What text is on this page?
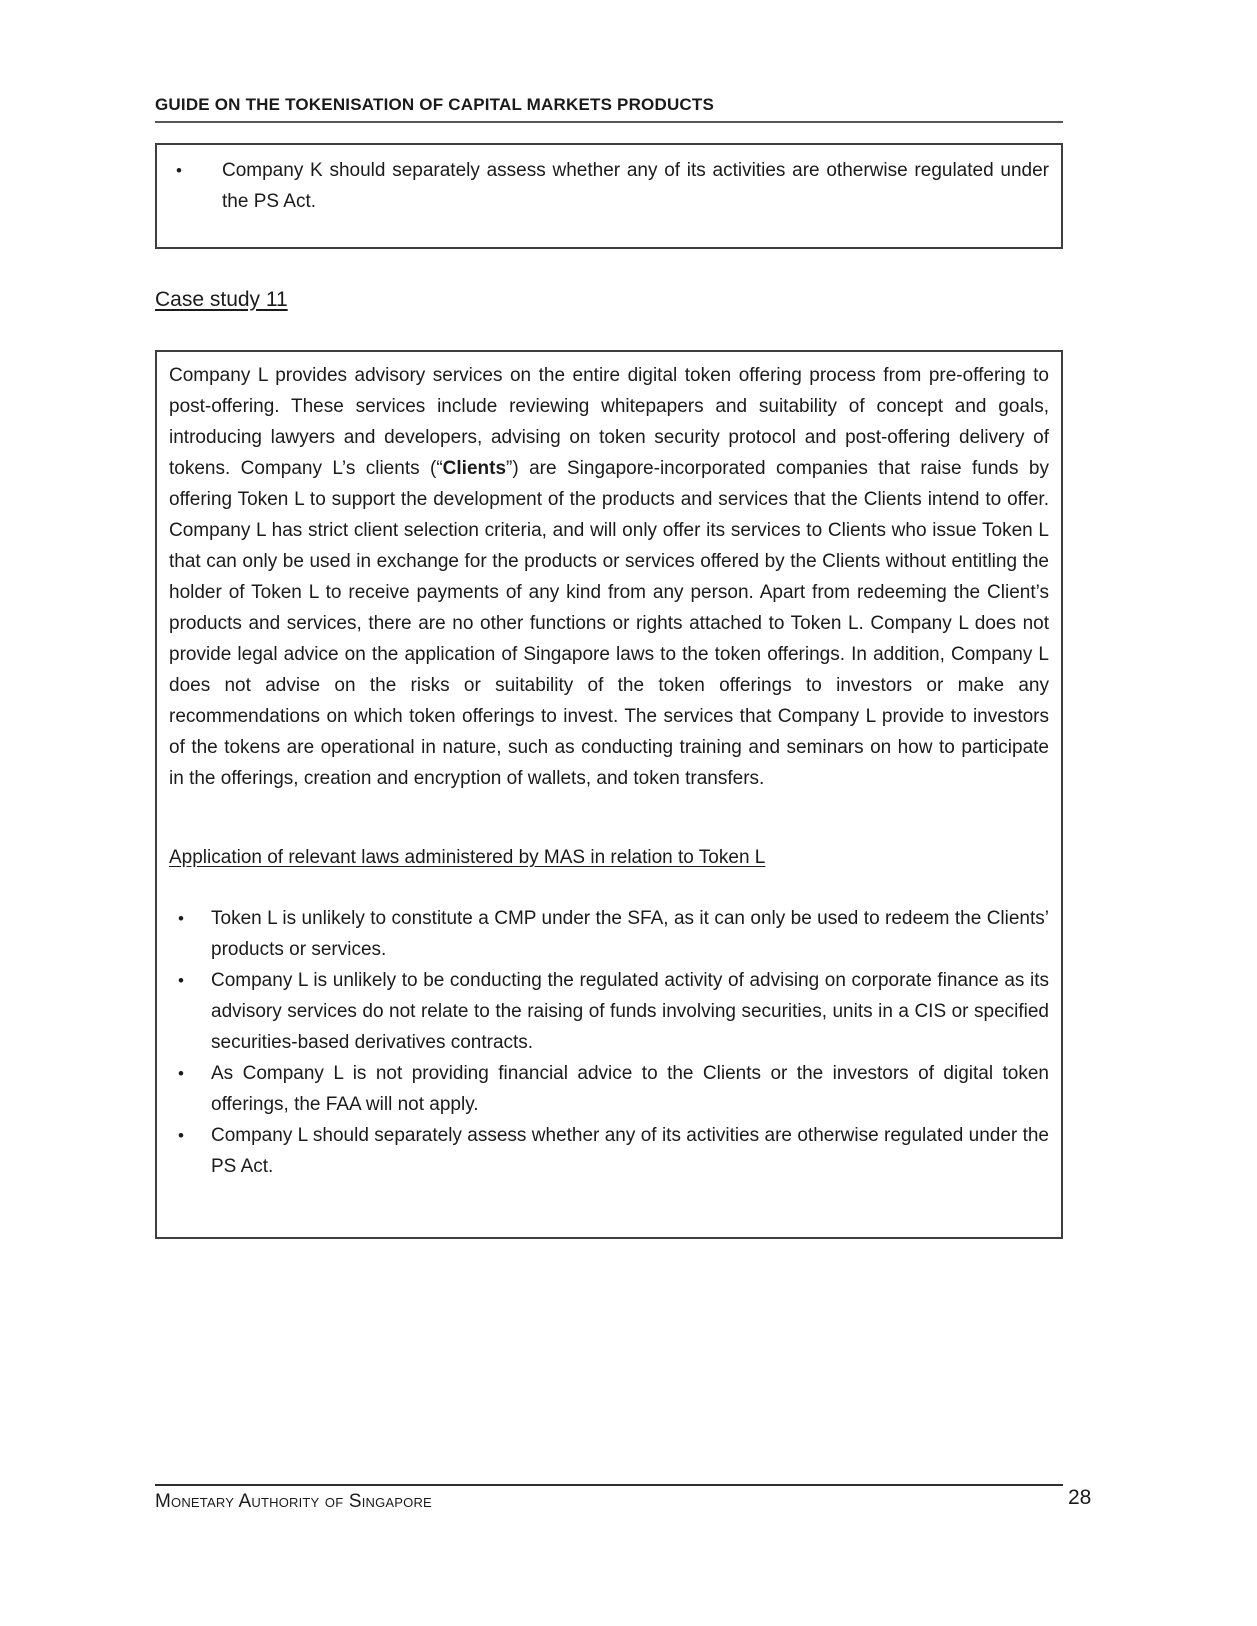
GUIDE ON THE TOKENISATION OF CAPITAL MARKETS PRODUCTS
•
Company K should separately assess whether any of its activities are otherwise regulated under the PS Act.
Case study 11

Company L provides advisory services on the entire digital token offering process from pre-offering to post-offering. These services include reviewing whitepapers and suitability of concept and goals, introducing lawyers and developers, advising on token security protocol and post-offering delivery of tokens. Company L’s clients (“Clients”) are Singapore-incorporated companies that raise funds by offering Token L to support the development of the products and services that the Clients intend to offer. Company L has strict client selection criteria, and will only offer its services to Clients who issue Token L that can only be used in exchange for the products or services offered by the Clients without entitling the holder of Token L to receive payments of any kind from any person. Apart from redeeming the Client’s products and services, there are no other functions or rights attached to Token L. Company L does not provide legal advice on the application of Singapore laws to the token offerings. In addition, Company L does not advise on the risks or suitability of the token offerings to investors or make any recommendations on which token offerings to invest. The services that Company L provide to investors of the tokens are operational in nature, such as conducting training and seminars on how to participate in the offerings, creation and encryption of wallets, and token transfers.

Application of relevant laws administered by MAS in relation to Token L
•
Token L is unlikely to constitute a CMP under the SFA, as it can only be used to redeem the Clients’ products or services.
•
Company L is unlikely to be conducting the regulated activity of advising on corporate finance as its advisory services do not relate to the raising of funds involving securities, units in a CIS or specified securities-based derivatives contracts.
•
As Company L is not providing financial advice to the Clients or the investors of digital token offerings, the FAA will not apply.
•
Company L should separately assess whether any of its activities are otherwise regulated under the PS Act.
Monetary Authority of Singapore	28
